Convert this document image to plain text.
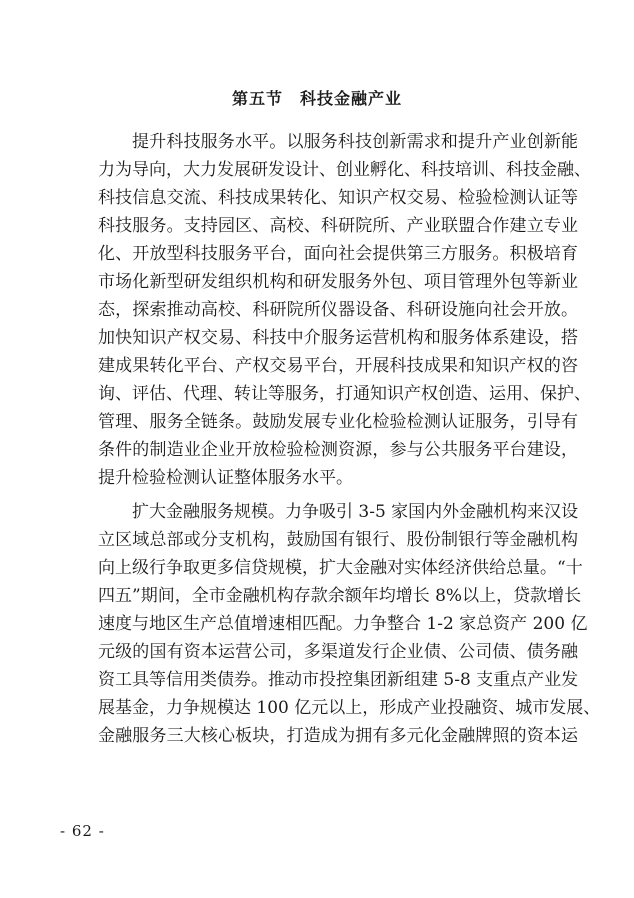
第五节　科技金融产业
提升科技服务水平。以服务科技创新需求和提升产业创新能
力为导向，大力发展研发设计、创业孵化、科技培训、科技金融、
科技信息交流、科技成果转化、知识产权交易、检验检测认证等
科技服务。支持园区、高校、科研院所、产业联盟合作建立专业
化、开放型科技服务平台，面向社会提供第三方服务。积极培育
市场化新型研发组织机构和研发服务外包、项目管理外包等新业
态，探索推动高校、科研院所仪器设备、科研设施向社会开放。
加快知识产权交易、科技中介服务运营机构和服务体系建设，搭
建成果转化平台、产权交易平台，开展科技成果和知识产权的咨
询、评估、代理、转让等服务，打通知识产权创造、运用、保护、
管理、服务全链条。鼓励发展专业化检验检测认证服务，引导有
条件的制造业企业开放检验检测资源，参与公共服务平台建设，
提升检验检测认证整体服务水平。
扩大金融服务规模。力争吸引 3-5 家国内外金融机构来汉设
立区域总部或分支机构，鼓励国有银行、股份制银行等金融机构
向上级行争取更多信贷规模，扩大金融对实体经济供给总量。“十
四五”期间，全市金融机构存款余额年均增长 8%以上，贷款增长
速度与地区生产总值增速相匹配。力争整合 1-2 家总资产 200 亿
元级的国有资本运营公司，多渠道发行企业债、公司债、债务融
资工具等信用类债券。推动市投控集团新组建 5-8 支重点产业发
展基金，力争规模达 100 亿元以上，形成产业投融资、城市发展、
金融服务三大核心板块，打造成为拥有多元化金融牌照的资本运
- 62 -
